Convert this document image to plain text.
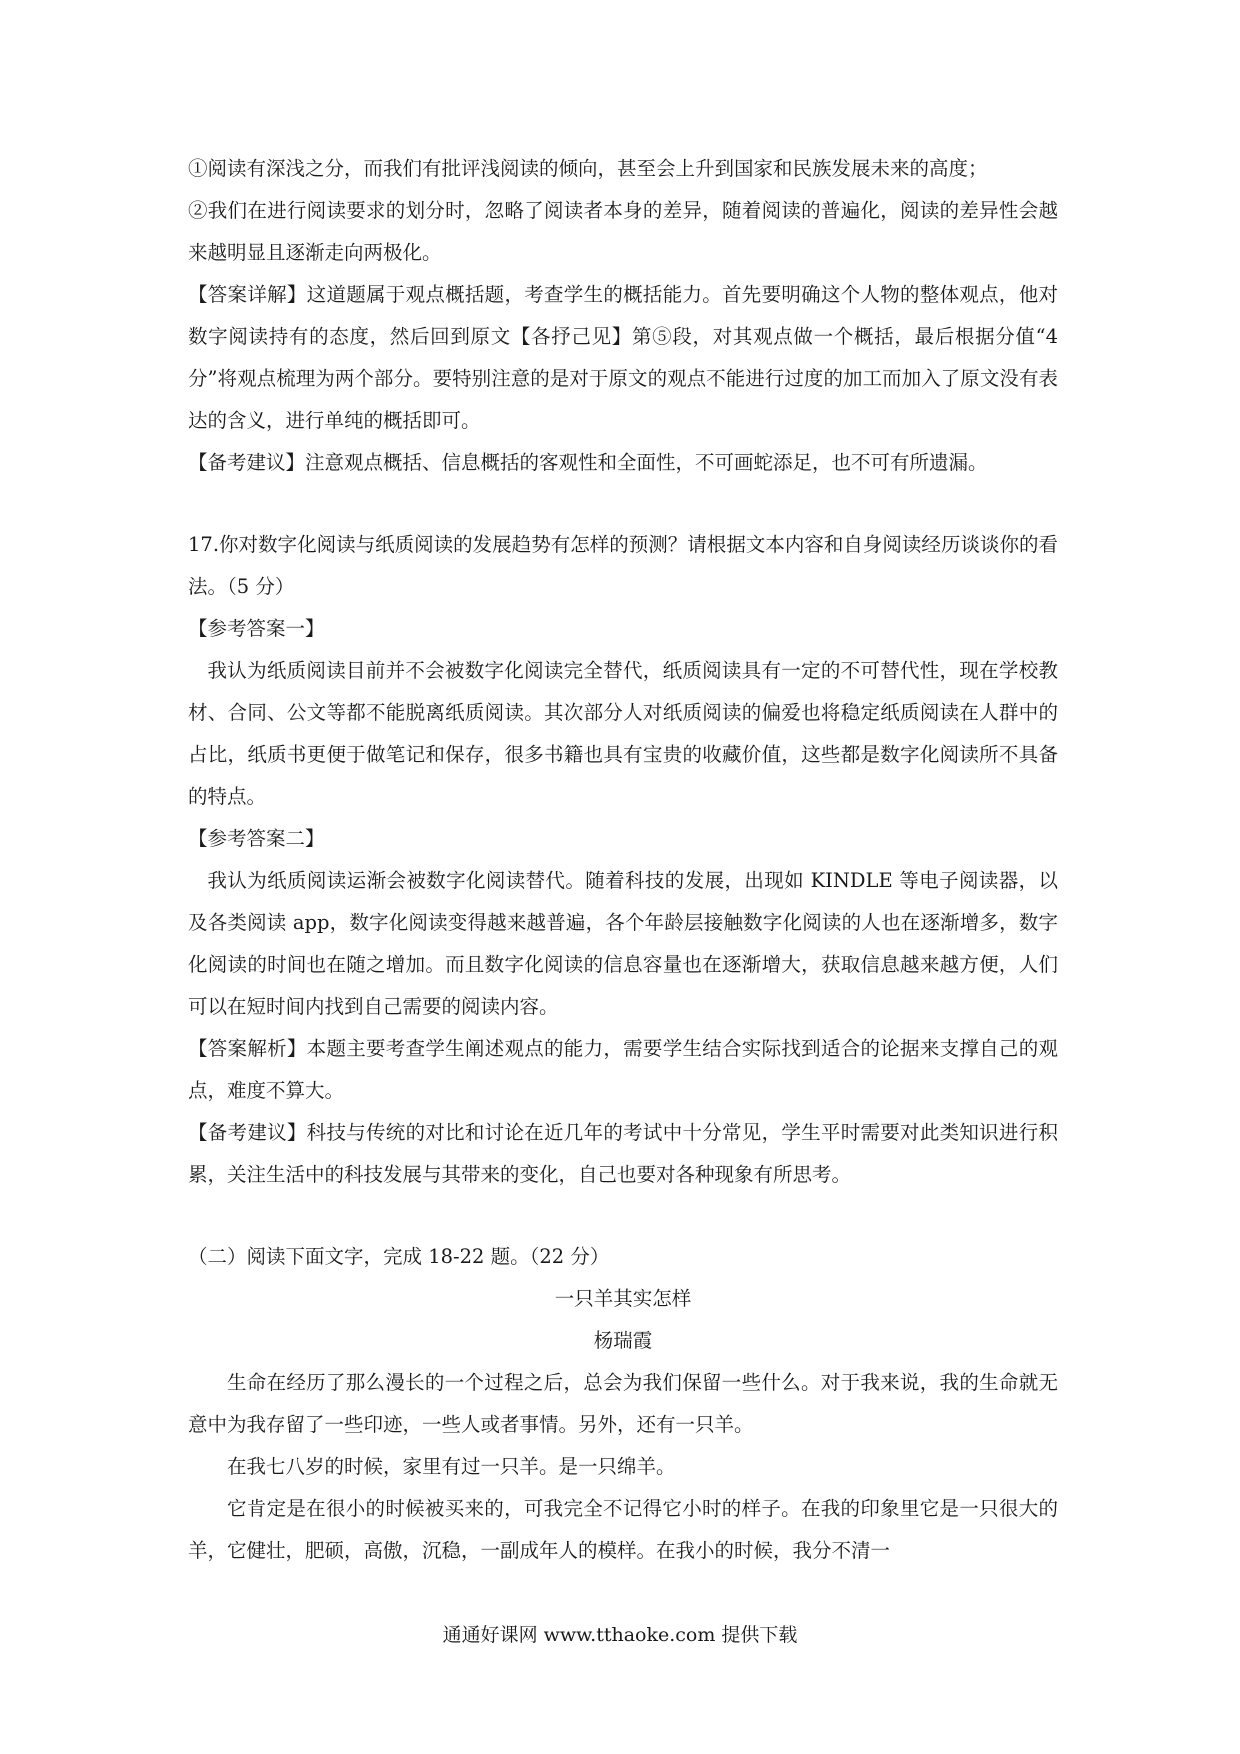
①阅读有深浅之分，而我们有批评浅阅读的倾向，甚至会上升到国家和民族发展未来的高度；

②我们在进行阅读要求的划分时，忽略了阅读者本身的差异，随着阅读的普遍化，阅读的差异性会越来越明显且逐渐走向两极化。

【答案详解】这道题属于观点概括题，考查学生的概括能力。首先要明确这个人物的整体观点，他对数字阅读持有的态度，然后回到原文【各抒己见】第⑤段，对其观点做一个概括，最后根据分值“4 分”将观点梳理为两个部分。要特别注意的是对于原文的观点不能进行过度的加工而加入了原文没有表达的含义，进行单纯的概括即可。

【备考建议】注意观点概括、信息概括的客观性和全面性，不可画蛇添足，也不可有所遗漏。

17.你对数字化阅读与纸质阅读的发展趋势有怎样的预测？请根据文本内容和自身阅读经历谈谈你的看法。（5 分）

【参考答案一】

我认为纸质阅读目前并不会被数字化阅读完全替代，纸质阅读具有一定的不可替代性，现在学校教材、合同、公文等都不能脱离纸质阅读。其次部分人对纸质阅读的偏爱也将稳定纸质阅读在人群中的占比，纸质书更便于做笔记和保存，很多书籍也具有宝贵的收藏价值，这些都是数字化阅读所不具备的特点。

【参考答案二】

我认为纸质阅读运渐会被数字化阅读替代。随着科技的发展，出现如 KINDLE 等电子阅读器，以及各类阅读 app，数字化阅读变得越来越普遍，各个年龄层接触数字化阅读的人也在逐渐增多，数字化阅读的时间也在随之增加。而且数字化阅读的信息容量也在逐渐增大，获取信息越来越方便，人们可以在短时间内找到自己需要的阅读内容。

【答案解析】本题主要考查学生阐述观点的能力，需要学生结合实际找到适合的论据来支撑自己的观点，难度不算大。

【备考建议】科技与传统的对比和讨论在近几年的考试中十分常见，学生平时需要对此类知识进行积累，关注生活中的科技发展与其带来的变化，自己也要对各种现象有所思考。

（二）阅读下面文字，完成 18-22 题。（22 分）

一只羊其实怎样

杨瑞霞

生命在经历了那么漫长的一个过程之后，总会为我们保留一些什么。对于我来说，我的生命就无意中为我存留了一些印迹，一些人或者事情。另外，还有一只羊。

在我七八岁的时候，家里有过一只羊。是一只绵羊。

它肯定是在很小的时候被买来的，可我完全不记得它小时的样子。在我的印象里它是一只很大的羊，它健壮，肥硕，高傲，沉稳，一副成年人的模样。在我小的时候，我分不清一

通通好课网 www.tthaoke.com 提供下载
